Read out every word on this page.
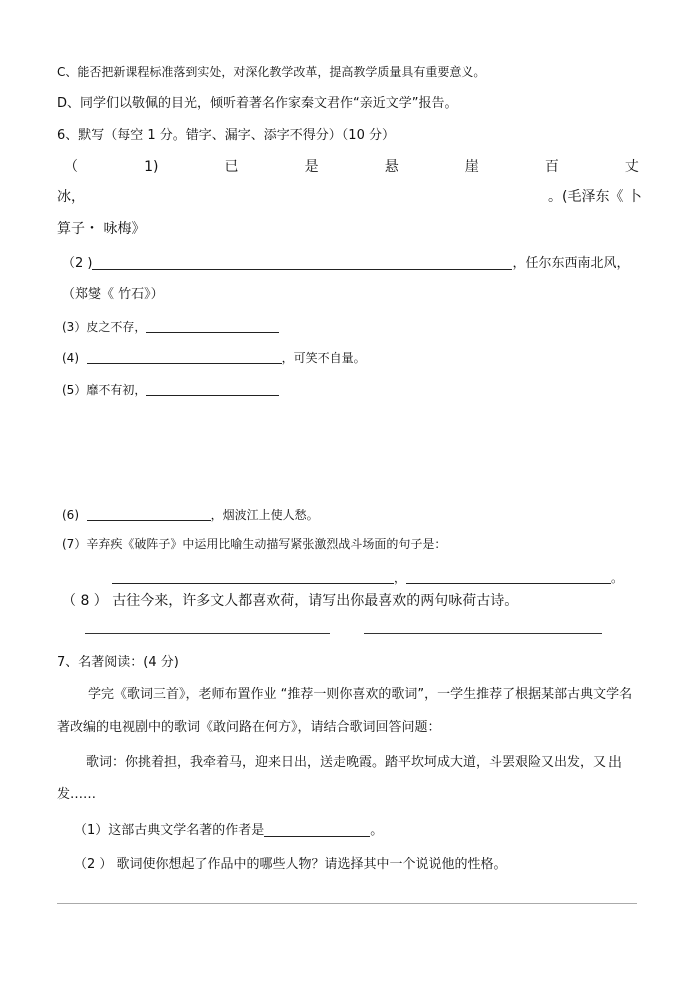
C、能否把新课程标准落到实处，对深化教学改革，提高教学质量具有重要意义。
D、同学们以敬佩的目光，倾听着著名作家秦文君作“亲近文学”报告。
6、默写（每空 1 分。错字、漏字、添字不得分）（10 分）
（	1)	已	是	悬	崖	百	丈
冰，	。(毛泽东《 卜
算子・ 咏梅》
（2 )	，任尔东西南北风，
（郑燮《 竹石》）
(3）皮之不存，
(4)	，可笑不自量。
(5）靡不有初，
(6)	，烟波江上使人愁。
(7）辛弃疾《破阵子》中运用比喻生动描写紧张激烈战斗场面的句子是：
，	。
（ 8 ） 古往今来，许多文人都喜欢荷，请写出你最喜欢的两句咏荷古诗。
7、名著阅读：(4 分)
学完《歌词三首》，老师布置作业 “推荐一则你喜欢的歌词”，一学生推荐了根据某部古典文学名
著改编的电视剧中的歌词《敢问路在何方》，请结合歌词回答问题：
歌词：你挑着担，我牵着马，迎来日出，送走晚霞。踏平坎坷成大道，斗罢艰险又出发，又 出
发……
（1）这部古典文学名著的作者是	。
（2 ） 歌词使你想起了作品中的哪些人物？请选择其中一个说说他的性格。
